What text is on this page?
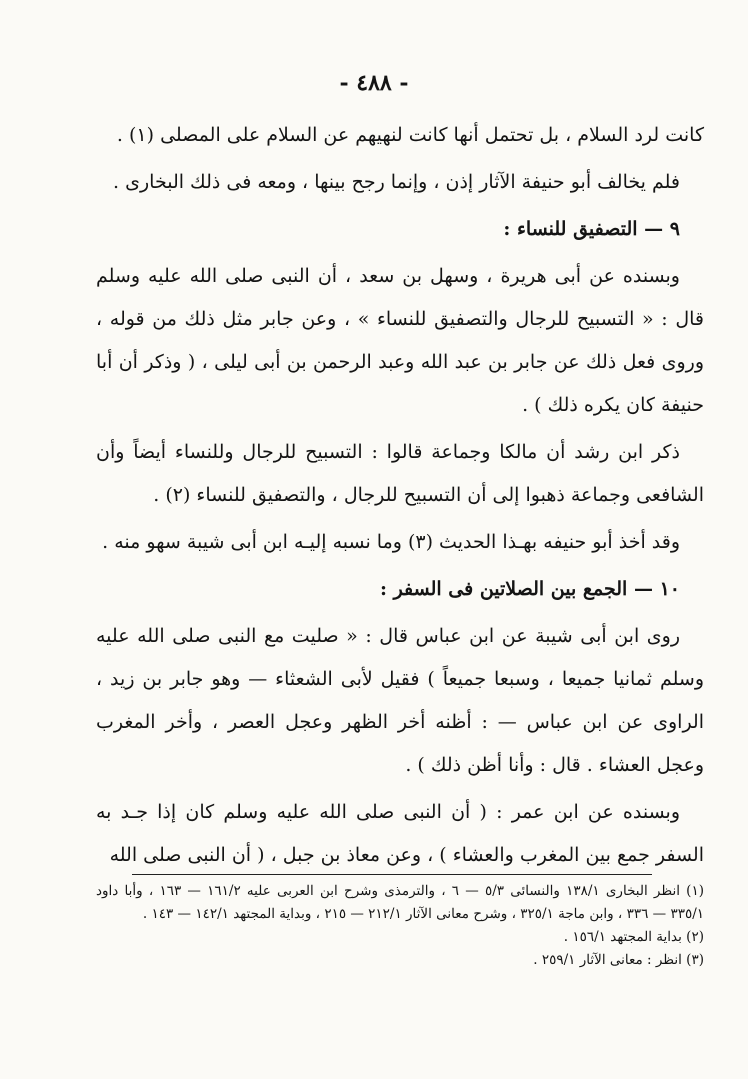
- ٤٨٨ -

كانت لرد السلام ، بل تحتمل أنها كانت لنهيهم عن السلام على المصلى (١) .

فلم يخالف أبو حنيفة الآثار إذن ، وإنما رجح بينها ، ومعه فى ذلك البخارى .

٩ — التصفيق للنساء :

وبسنده عن أبى هريرة ، وسهل بن سعد ، أن النبى صلى الله عليه وسلم قال : « التسبيح للرجال والتصفيق للنساء » ، وعن جابر مثل ذلك من قوله ، وروى فعل ذلك عن جابر بن عبد الله وعبد الرحمن بن أبى ليلى ، ( وذكر أن أبا حنيفة كان يكره ذلك ) .

ذكر ابن رشد أن مالكا وجماعة قالوا : التسبيح للرجال وللنساء أيضاً وأن الشافعى وجماعة ذهبوا إلى أن التسبيح للرجال ، والتصفيق للنساء (٢) .

وقد أخذ أبو حنيفه بهـذا الحديث (٣) وما نسبه إليـه ابن أبى شيبة سهو منه .

١٠ — الجمع بين الصلاتين فى السفر :

روى ابن أبى شيبة عن ابن عباس قال : « صليت مع النبى صلى الله عليه وسلم ثمانيا جميعا ، وسبعا جميعاً ) فقيل لأبى الشعثاء — وهو جابر بن زيد ، الراوى عن ابن عباس — : أظنه أخر الظهر وعجل العصر ، وأخر المغرب وعجل العشاء . قال : وأنا أظن ذلك ) .

وبسنده عن ابن عمر : ( أن النبى صلى الله عليه وسلم كان إذا جـد به السفر جمع بين المغرب والعشاء ) ، وعن معاذ بن جبل ، ( أن النبى صلى الله

(١) انظر البخارى ١٣٨/١ والنسائى ٥/٣ — ٦ ، والترمذى وشرح ابن العربى عليه ١٦١/٢ — ١٦٣ ، وأبا داود ٣٣٥/١ — ٣٣٦ ، وابن ماجة ٣٢٥/١ ، وشرح معانى الآثار ٢١٢/١ — ٢١٥ ، وبداية المجتهد ١٤٢/١ — ١٤٣ .

(٢) بداية المجتهد ١٥٦/١ .

(٣) انظر : معانى الآثار ٢٥٩/١ .
